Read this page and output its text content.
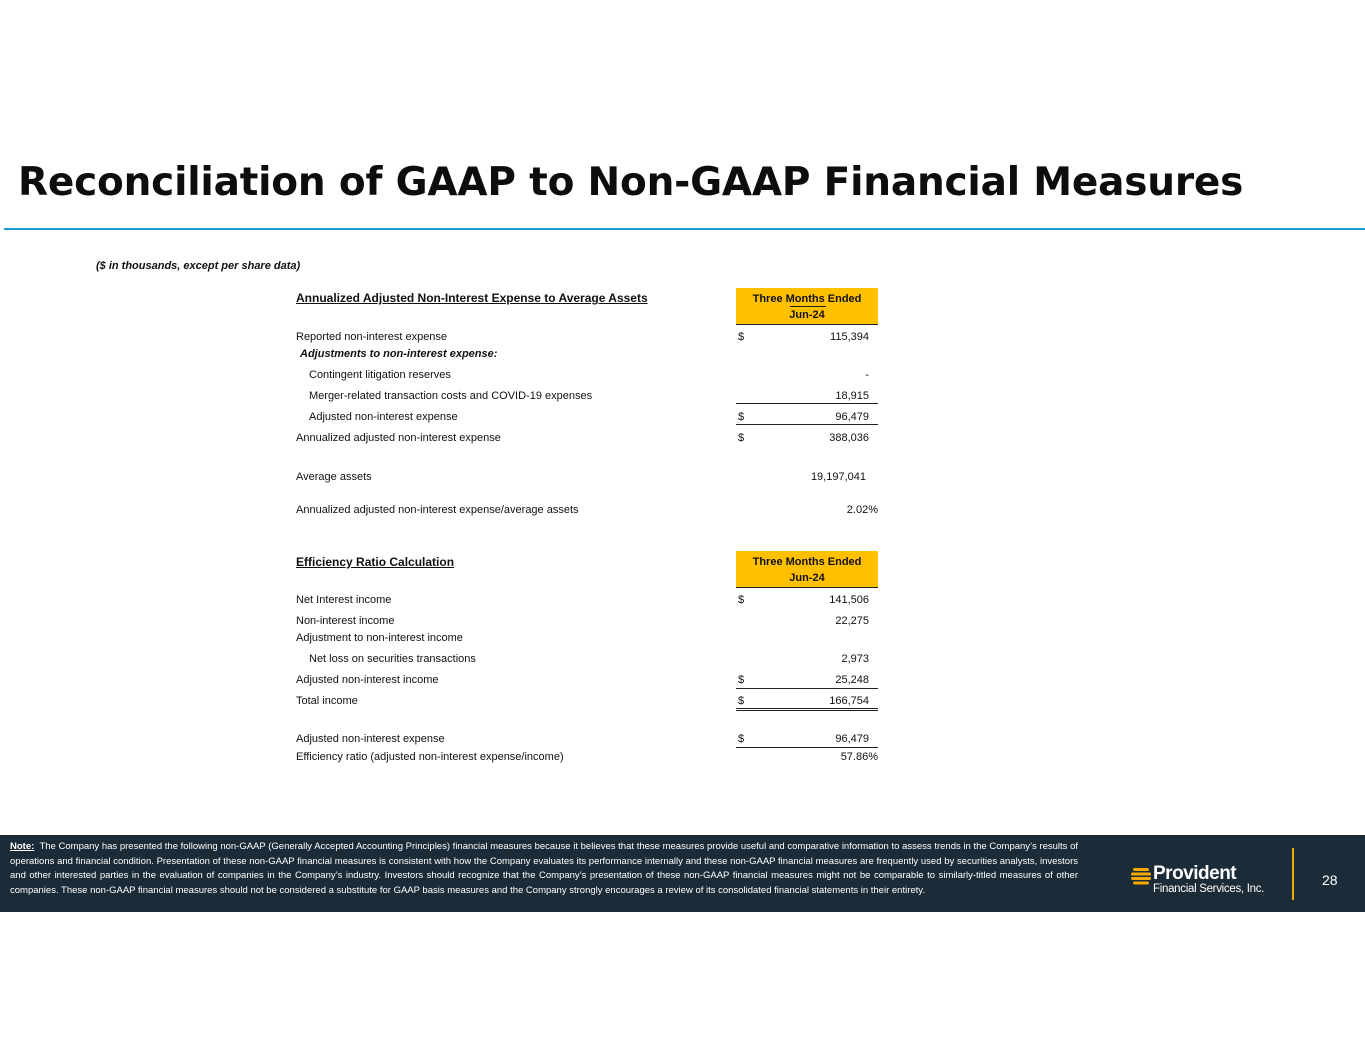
Reconciliation of GAAP to Non-GAAP Financial Measures
($ in thousands, except per share data)
Annualized Adjusted Non-Interest Expense to Average Assets	Three Months Ended
Jun-24
Reported non-interest expense	$	115,394
Adjustments to non-interest expense:
Contingent litigation reserves	-
Merger-related transaction costs and COVID-19 expenses	18,915
Adjusted non-interest expense	$	96,479
Annualized adjusted non-interest expense	$	388,036
Average assets	19,197,041
Annualized adjusted non-interest expense/average assets	2.02%
Efficiency Ratio Calculation	Three Months Ended
Jun-24
Net Interest income	$	141,506
Non-interest income	22,275
Adjustment to non-interest income
Net loss on securities transactions	2,973
Adjusted non-interest income	$	25,248
Total income	$	166,754
Adjusted non-interest expense	$	96,479
Efficiency ratio (adjusted non-interest expense/income)	57.86%
Note: The Company has presented the following non-GAAP (Generally Accepted Accounting Principles) financial measures because it believes that these measures provide useful and comparative information to assess trends in the Company’s results of operations and financial condition. Presentation of these non-GAAP financial measures is consistent with how the Company evaluates its performance internally and these non-GAAP financial measures are frequently used by securities analysts, investors and other interested parties in the evaluation of companies in the Company’s industry. Investors should recognize that the Company’s presentation of these non-GAAP financial measures might not be comparable to similarly-titled measures of other companies. These non-GAAP financial measures should not be considered a substitute for GAAP basis measures and the Company strongly encourages a review of its consolidated financial statements in their entirety.
Provident
Financial Services, Inc.
28
